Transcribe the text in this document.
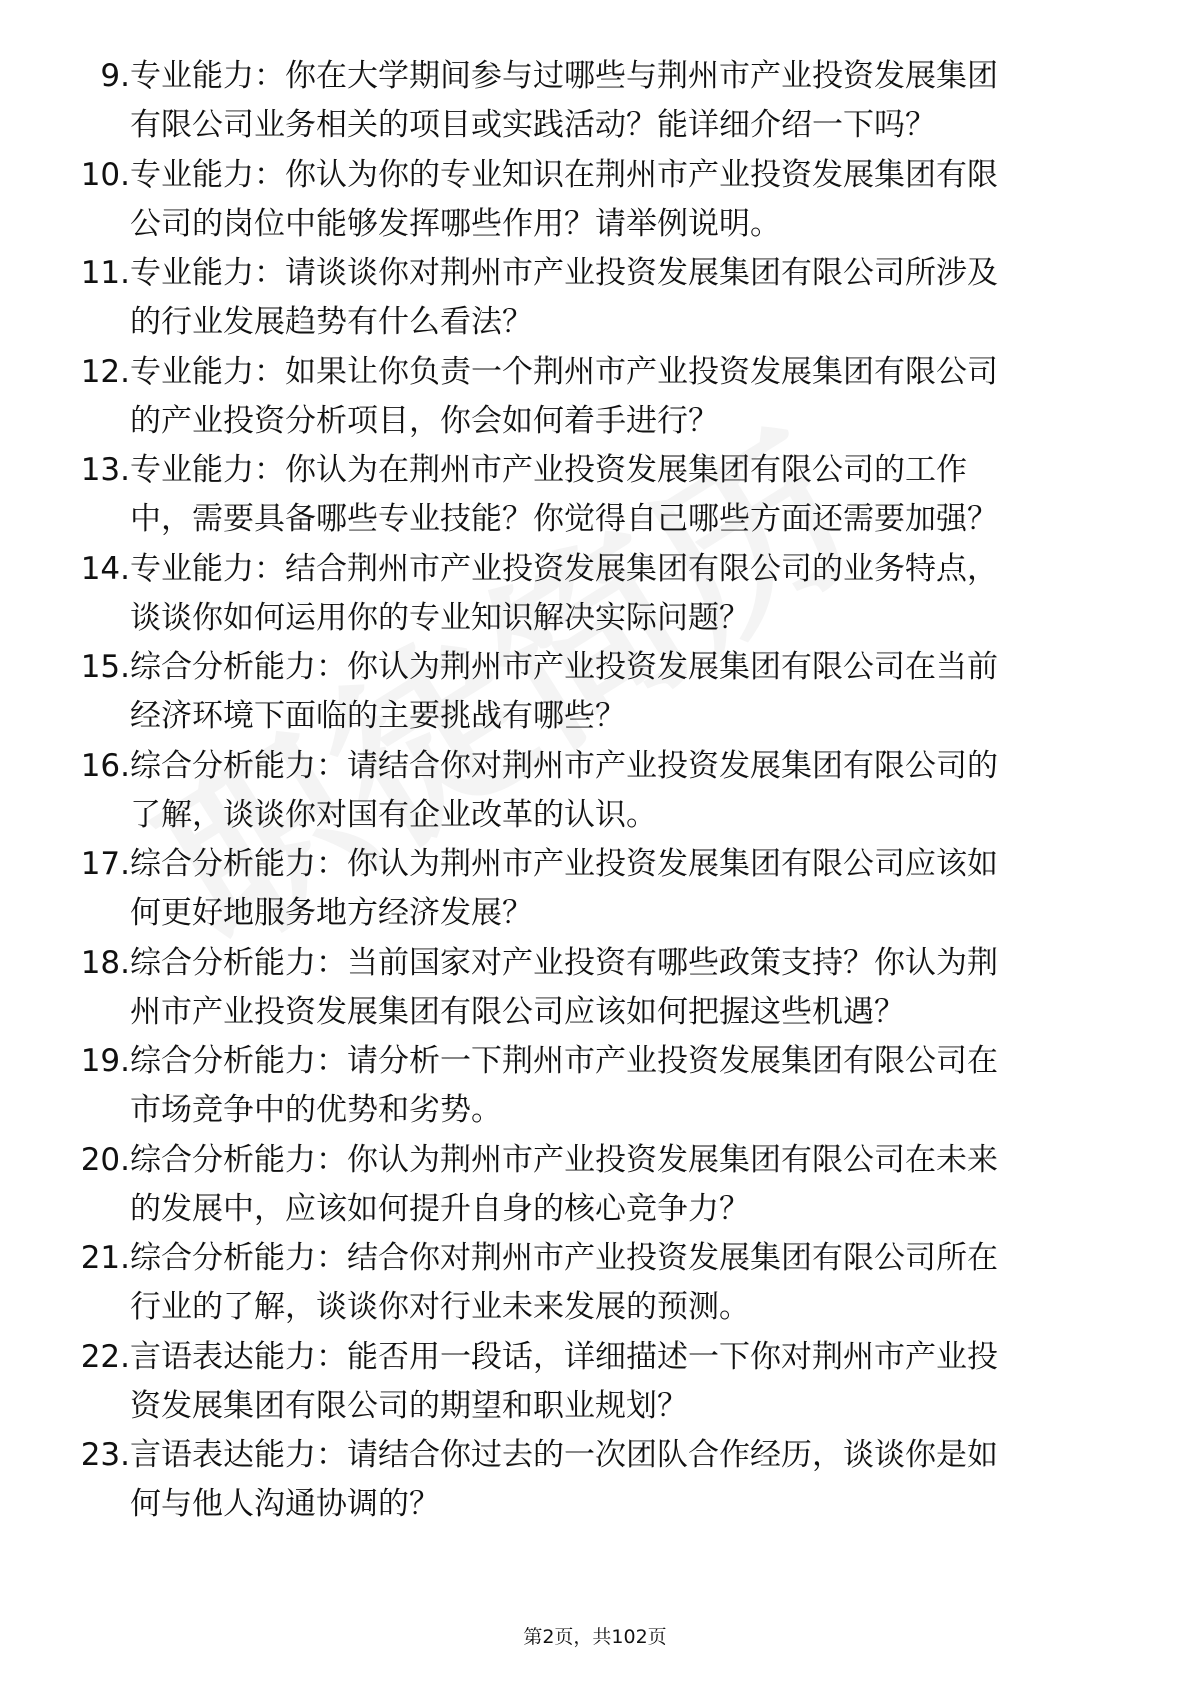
9. 专业能力：你在大学期间参与过哪些与荆州市产业投资发展集团
有限公司业务相关的项目或实践活动？能详细介绍一下吗？
10. 专业能力：你认为你的专业知识在荆州市产业投资发展集团有限
公司的岗位中能够发挥哪些作用？请举例说明。
11. 专业能力：请谈谈你对荆州市产业投资发展集团有限公司所涉及
的行业发展趋势有什么看法？
12. 专业能力：如果让你负责一个荆州市产业投资发展集团有限公司
的产业投资分析项目，你会如何着手进行？
13. 专业能力：你认为在荆州市产业投资发展集团有限公司的工作
中，需要具备哪些专业技能？你觉得自己哪些方面还需要加强？
14. 专业能力：结合荆州市产业投资发展集团有限公司的业务特点，
谈谈你如何运用你的专业知识解决实际问题？
15. 综合分析能力：你认为荆州市产业投资发展集团有限公司在当前
经济环境下面临的主要挑战有哪些？
16. 综合分析能力：请结合你对荆州市产业投资发展集团有限公司的
了解，谈谈你对国有企业改革的认识。
17. 综合分析能力：你认为荆州市产业投资发展集团有限公司应该如
何更好地服务地方经济发展？
18. 综合分析能力：当前国家对产业投资有哪些政策支持？你认为荆
州市产业投资发展集团有限公司应该如何把握这些机遇？
19. 综合分析能力：请分析一下荆州市产业投资发展集团有限公司在
市场竞争中的优势和劣势。
20. 综合分析能力：你认为荆州市产业投资发展集团有限公司在未来
的发展中，应该如何提升自身的核心竞争力？
21. 综合分析能力：结合你对荆州市产业投资发展集团有限公司所在
行业的了解，谈谈你对行业未来发展的预测。
22. 言语表达能力：能否用一段话，详细描述一下你对荆州市产业投
资发展集团有限公司的期望和职业规划？
23. 言语表达能力：请结合你过去的一次团队合作经历，谈谈你是如
何与他人沟通协调的？
第2页，共102页
